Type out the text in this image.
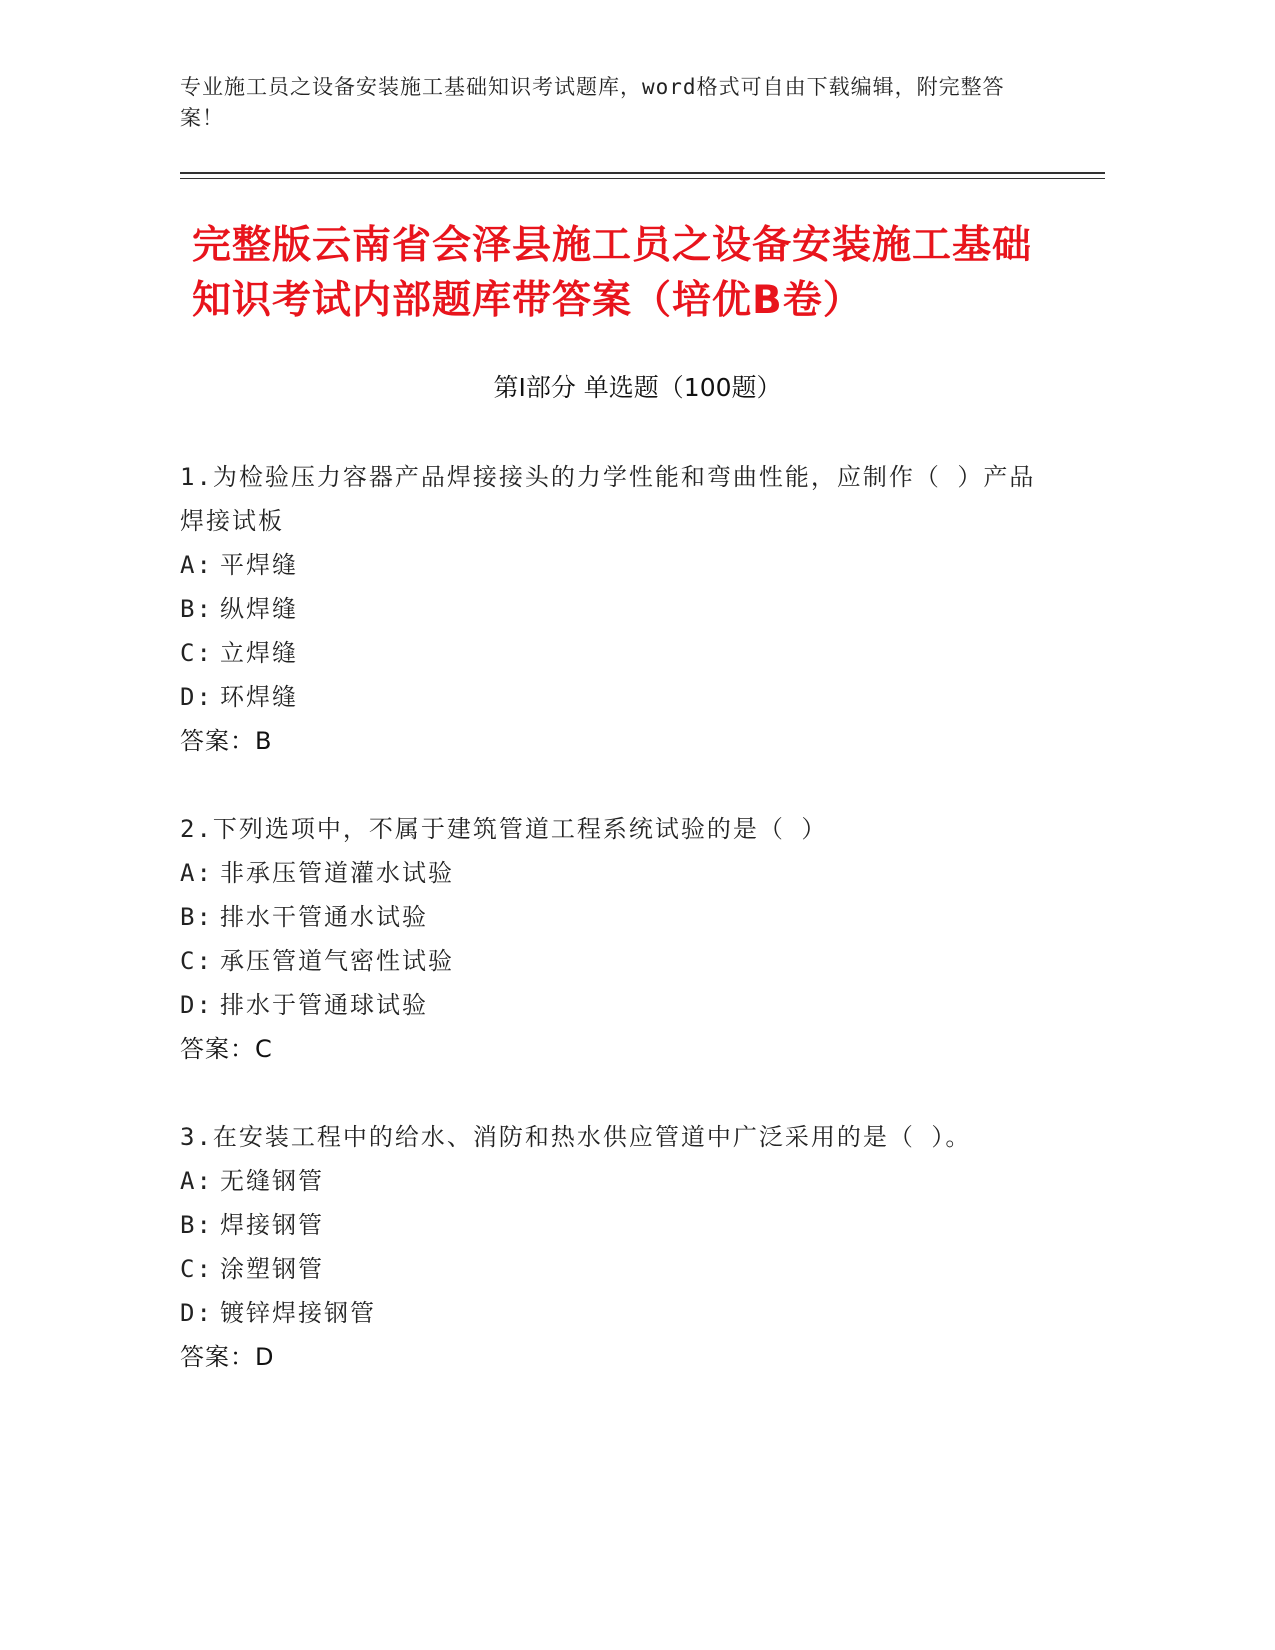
专业施工员之设备安装施工基础知识考试题库，word格式可自由下载编辑，附完整答案！
完整版云南省会泽县施工员之设备安装施工基础知识考试内部题库带答案（培优B卷）
第Ⅰ部分 单选题（100题）
1.为检验压力容器产品焊接接头的力学性能和弯曲性能，应制作（ ）产品焊接试板
A: 平焊缝
B: 纵焊缝
C: 立焊缝
D: 环焊缝
答案：B
2.下列选项中，不属于建筑管道工程系统试验的是（ ）
A: 非承压管道灌水试验
B: 排水干管通水试验
C: 承压管道气密性试验
D: 排水于管通球试验
答案：C
3.在安装工程中的给水、消防和热水供应管道中广泛采用的是（ ）。
A: 无缝钢管
B: 焊接钢管
C: 涂塑钢管
D: 镀锌焊接钢管
答案：D
